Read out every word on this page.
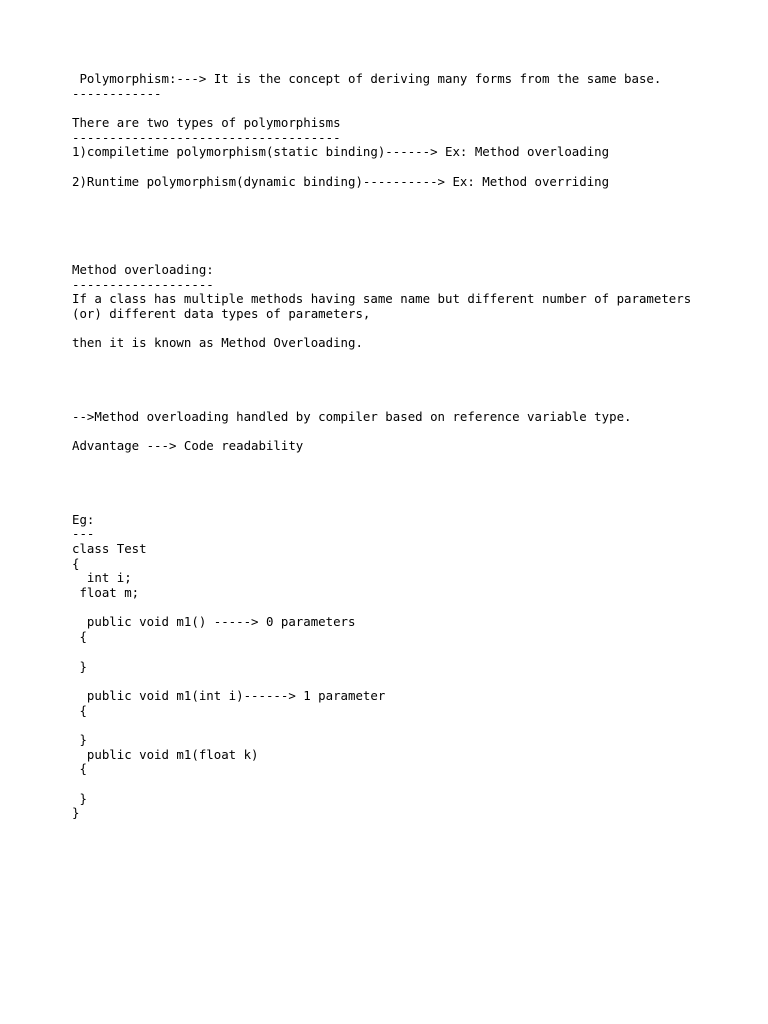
Polymorphism:---> It is the concept of deriving many forms from the same base.
------------
There are two types of polymorphisms
------------------------------------
1)compiletime polymorphism(static binding)------> Ex: Method overloading
2)Runtime polymorphism(dynamic binding)----------> Ex: Method overriding
Method overloading:
-------------------
If a class has multiple methods having same name but different number of parameters
(or) different data types of parameters,
then it is known as Method Overloading.
-->Method overloading handled by compiler based on reference variable type.
Advantage ---> Code readability
Eg:
---
class Test
{
int i;
float m;
public void m1() -----> 0 parameters
{
}
public void m1(int i)------> 1 parameter
{
}
public void m1(float k)
{
}
}
